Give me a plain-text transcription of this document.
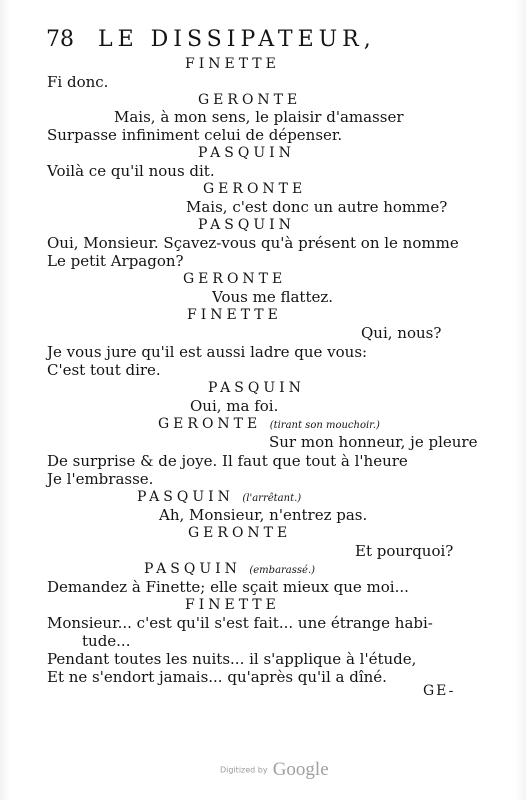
78 LE DISSIPATEUR,
FINETTE
Fi donc.
GERONTE
Mais, à mon sens, le plaisir d'amasser
Surpasse infiniment celui de dépenser.
PASQUIN
Voilà ce qu'il nous dit.
GERONTE
Mais, c'est donc un autre homme?
PASQUIN
Oui, Monsieur. Sçavez-vous qu'à présent on le nomme
Le petit Arpagon?
GERONTE
Vous me flattez.
FINETTE
Qui, nous?
Je vous jure qu'il est aussi ladre que vous:
C'est tout dire.
PASQUIN
Oui, ma foi.
GERONTE (tirant son mouchoir.)
Sur mon honneur, je pleure
De surprise & de joye. Il faut que tout à l'heure
Je l'embrasse.
PASQUIN (l'arrêtant.)
Ah, Monsieur, n'entrez pas.
GERONTE
Et pourquoi?
PASQUIN (embarassé.)
Demandez à Finette; elle sçait mieux que moi...
FINETTE
Monsieur... c'est qu'il s'est fait... une étrange habi-
tude...
Pendant toutes les nuits... il s'applique à l'étude,
Et ne s'endort jamais... qu'après qu'il a dîné.
GE-
Digitized by Google
